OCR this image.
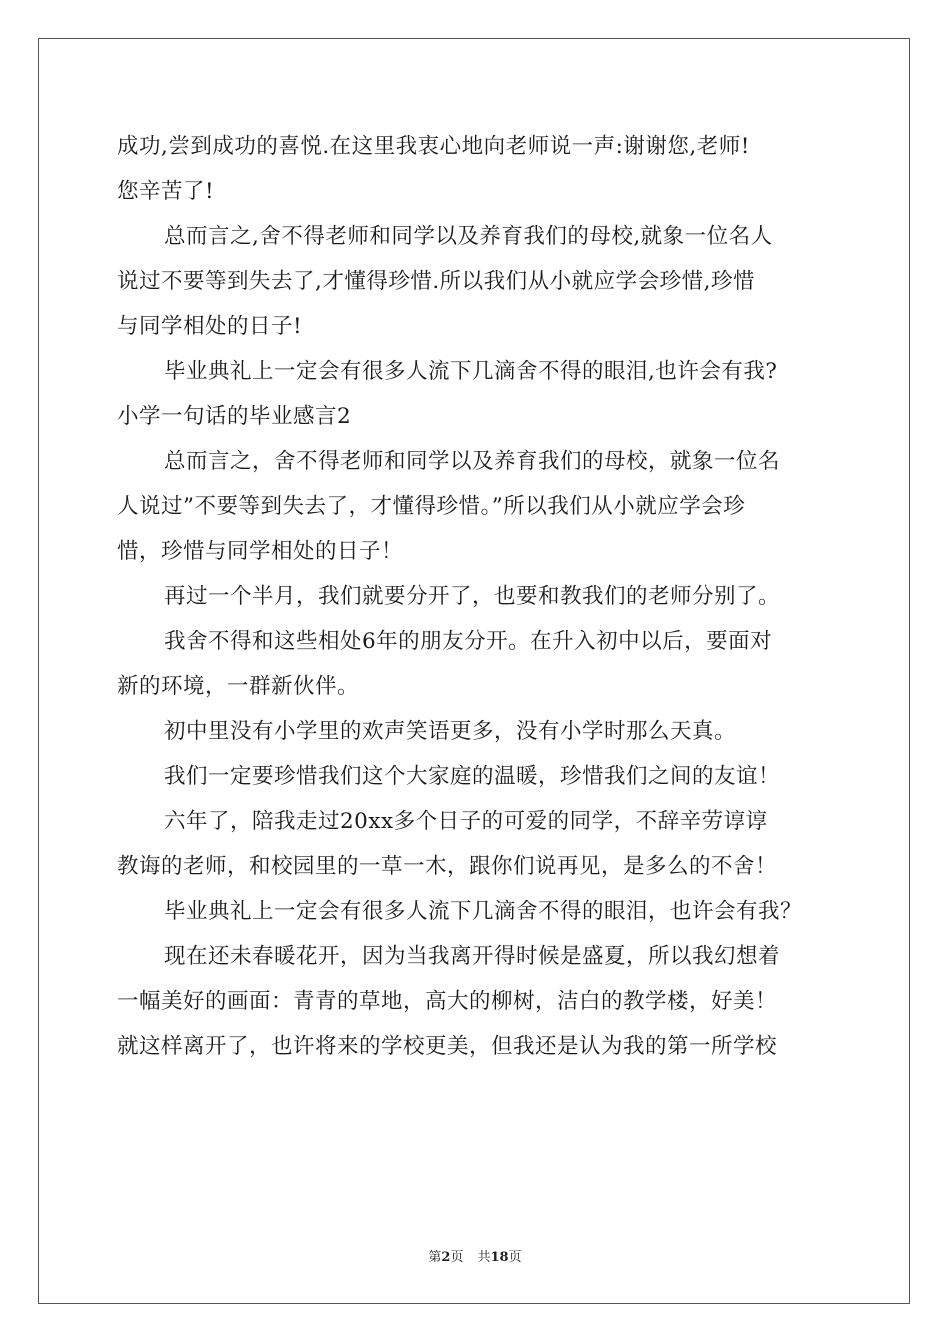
成功,尝到成功的喜悦.在这里我衷心地向老师说一声:谢谢您,老师!
您辛苦了!
总而言之,舍不得老师和同学以及养育我们的母校,就象一位名人
说过不要等到失去了,才懂得珍惜.所以我们从小就应学会珍惜,珍惜
与同学相处的日子!
毕业典礼上一定会有很多人流下几滴舍不得的眼泪,也许会有我?
小学一句话的毕业感言2
总而言之，舍不得老师和同学以及养育我们的母校，就象一位名
人说过”不要等到失去了，才懂得珍惜。”所以我们从小就应学会珍
惜，珍惜与同学相处的日子！
再过一个半月，我们就要分开了，也要和教我们的老师分别了。
我舍不得和这些相处6年的朋友分开。在升入初中以后，要面对
新的环境，一群新伙伴。
初中里没有小学里的欢声笑语更多，没有小学时那么天真。
我们一定要珍惜我们这个大家庭的温暖，珍惜我们之间的友谊！
六年了，陪我走过20xx多个日子的可爱的同学，不辞辛劳谆谆
教诲的老师，和校园里的一草一木，跟你们说再见，是多么的不舍！
毕业典礼上一定会有很多人流下几滴舍不得的眼泪，也许会有我？
现在还未春暖花开，因为当我离开得时候是盛夏，所以我幻想着
一幅美好的画面：青青的草地，高大的柳树，洁白的教学楼，好美！
就这样离开了，也许将来的学校更美，但我还是认为我的第一所学校
第2页 共18页
